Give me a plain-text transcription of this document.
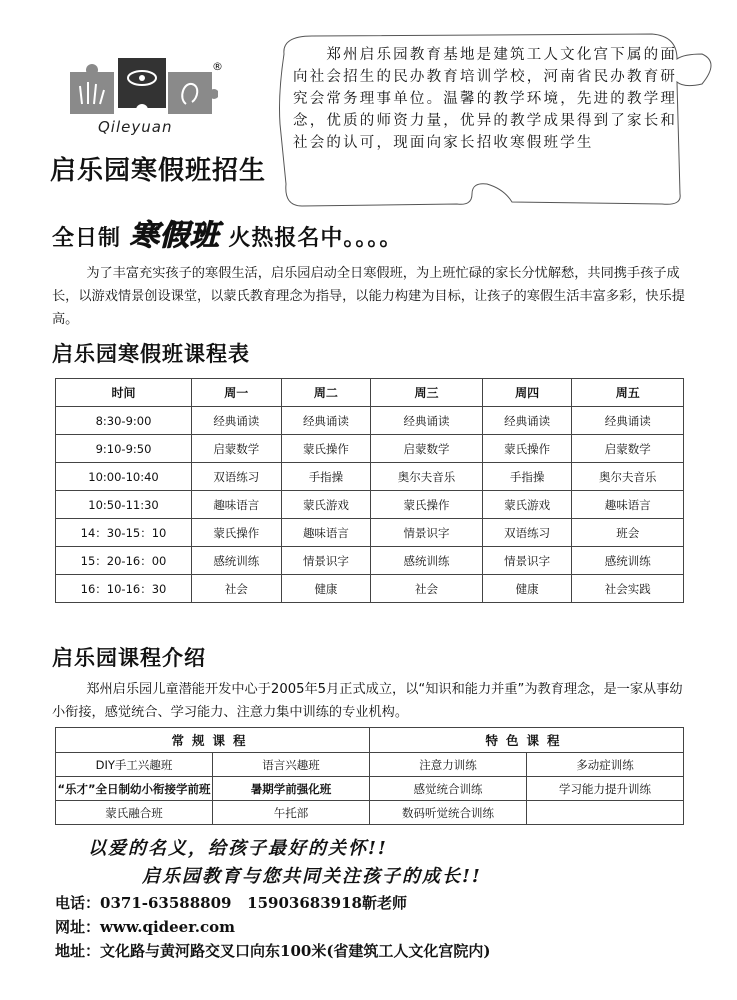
®
Qileyuan
启乐园寒假班招生
郑州启乐园教育基地是建筑工人文化宫下属的面向社会招生的民办教育培训学校，河南省民办教育研究会常务理事单位。温馨的教学环境，先进的教学理念，优质的师资力量，优异的教学成果得到了家长和社会的认可，现面向家长招收寒假班学生
全日制 寒假班 火热报名中。。。。
为了丰富充实孩子的寒假生活，启乐园启动全日寒假班，为上班忙碌的家长分忧解愁，共同携手孩子成长，以游戏情景创设课堂，以蒙氏教育理念为指导，以能力构建为目标，让孩子的寒假生活丰富多彩，快乐提高。
启乐园寒假班课程表
时间	周一	周二	周三	周四	周五
8:30-9:00	经典诵读	经典诵读	经典诵读	经典诵读	经典诵读
9:10-9:50	启蒙数学	蒙氏操作	启蒙数学	蒙氏操作	启蒙数学
10:00-10:40	双语练习	手指操	奥尔夫音乐	手指操	奥尔夫音乐
10:50-11:30	趣味语言	蒙氏游戏	蒙氏操作	蒙氏游戏	趣味语言
14：30-15：10	蒙氏操作	趣味语言	情景识字	双语练习	班会
15：20-16：00	感统训练	情景识字	感统训练	情景识字	感统训练
16：10-16：30	社会	健康	社会	健康	社会实践
启乐园课程介绍
郑州启乐园儿童潜能开发中心于2005年5月正式成立，以“知识和能力并重”为教育理念，是一家从事幼小衔接，感觉统合、学习能力、注意力集中训练的专业机构。
常规课程		特色课程	
DIY手工兴趣班	语言兴趣班	注意力训练	多动症训练
“乐才”全日制幼小衔接学前班	暑期学前强化班	感觉统合训练	学习能力提升训练
蒙氏融合班	午托部	数码听觉统合训练	
以爱的名义，给孩子最好的关怀!!
启乐园教育与您共同关注孩子的成长!!
电话：0371-63588809   15903683918靳老师
网址：www.qideer.com
地址：文化路与黄河路交叉口向东100米(省建筑工人文化宫院内)
